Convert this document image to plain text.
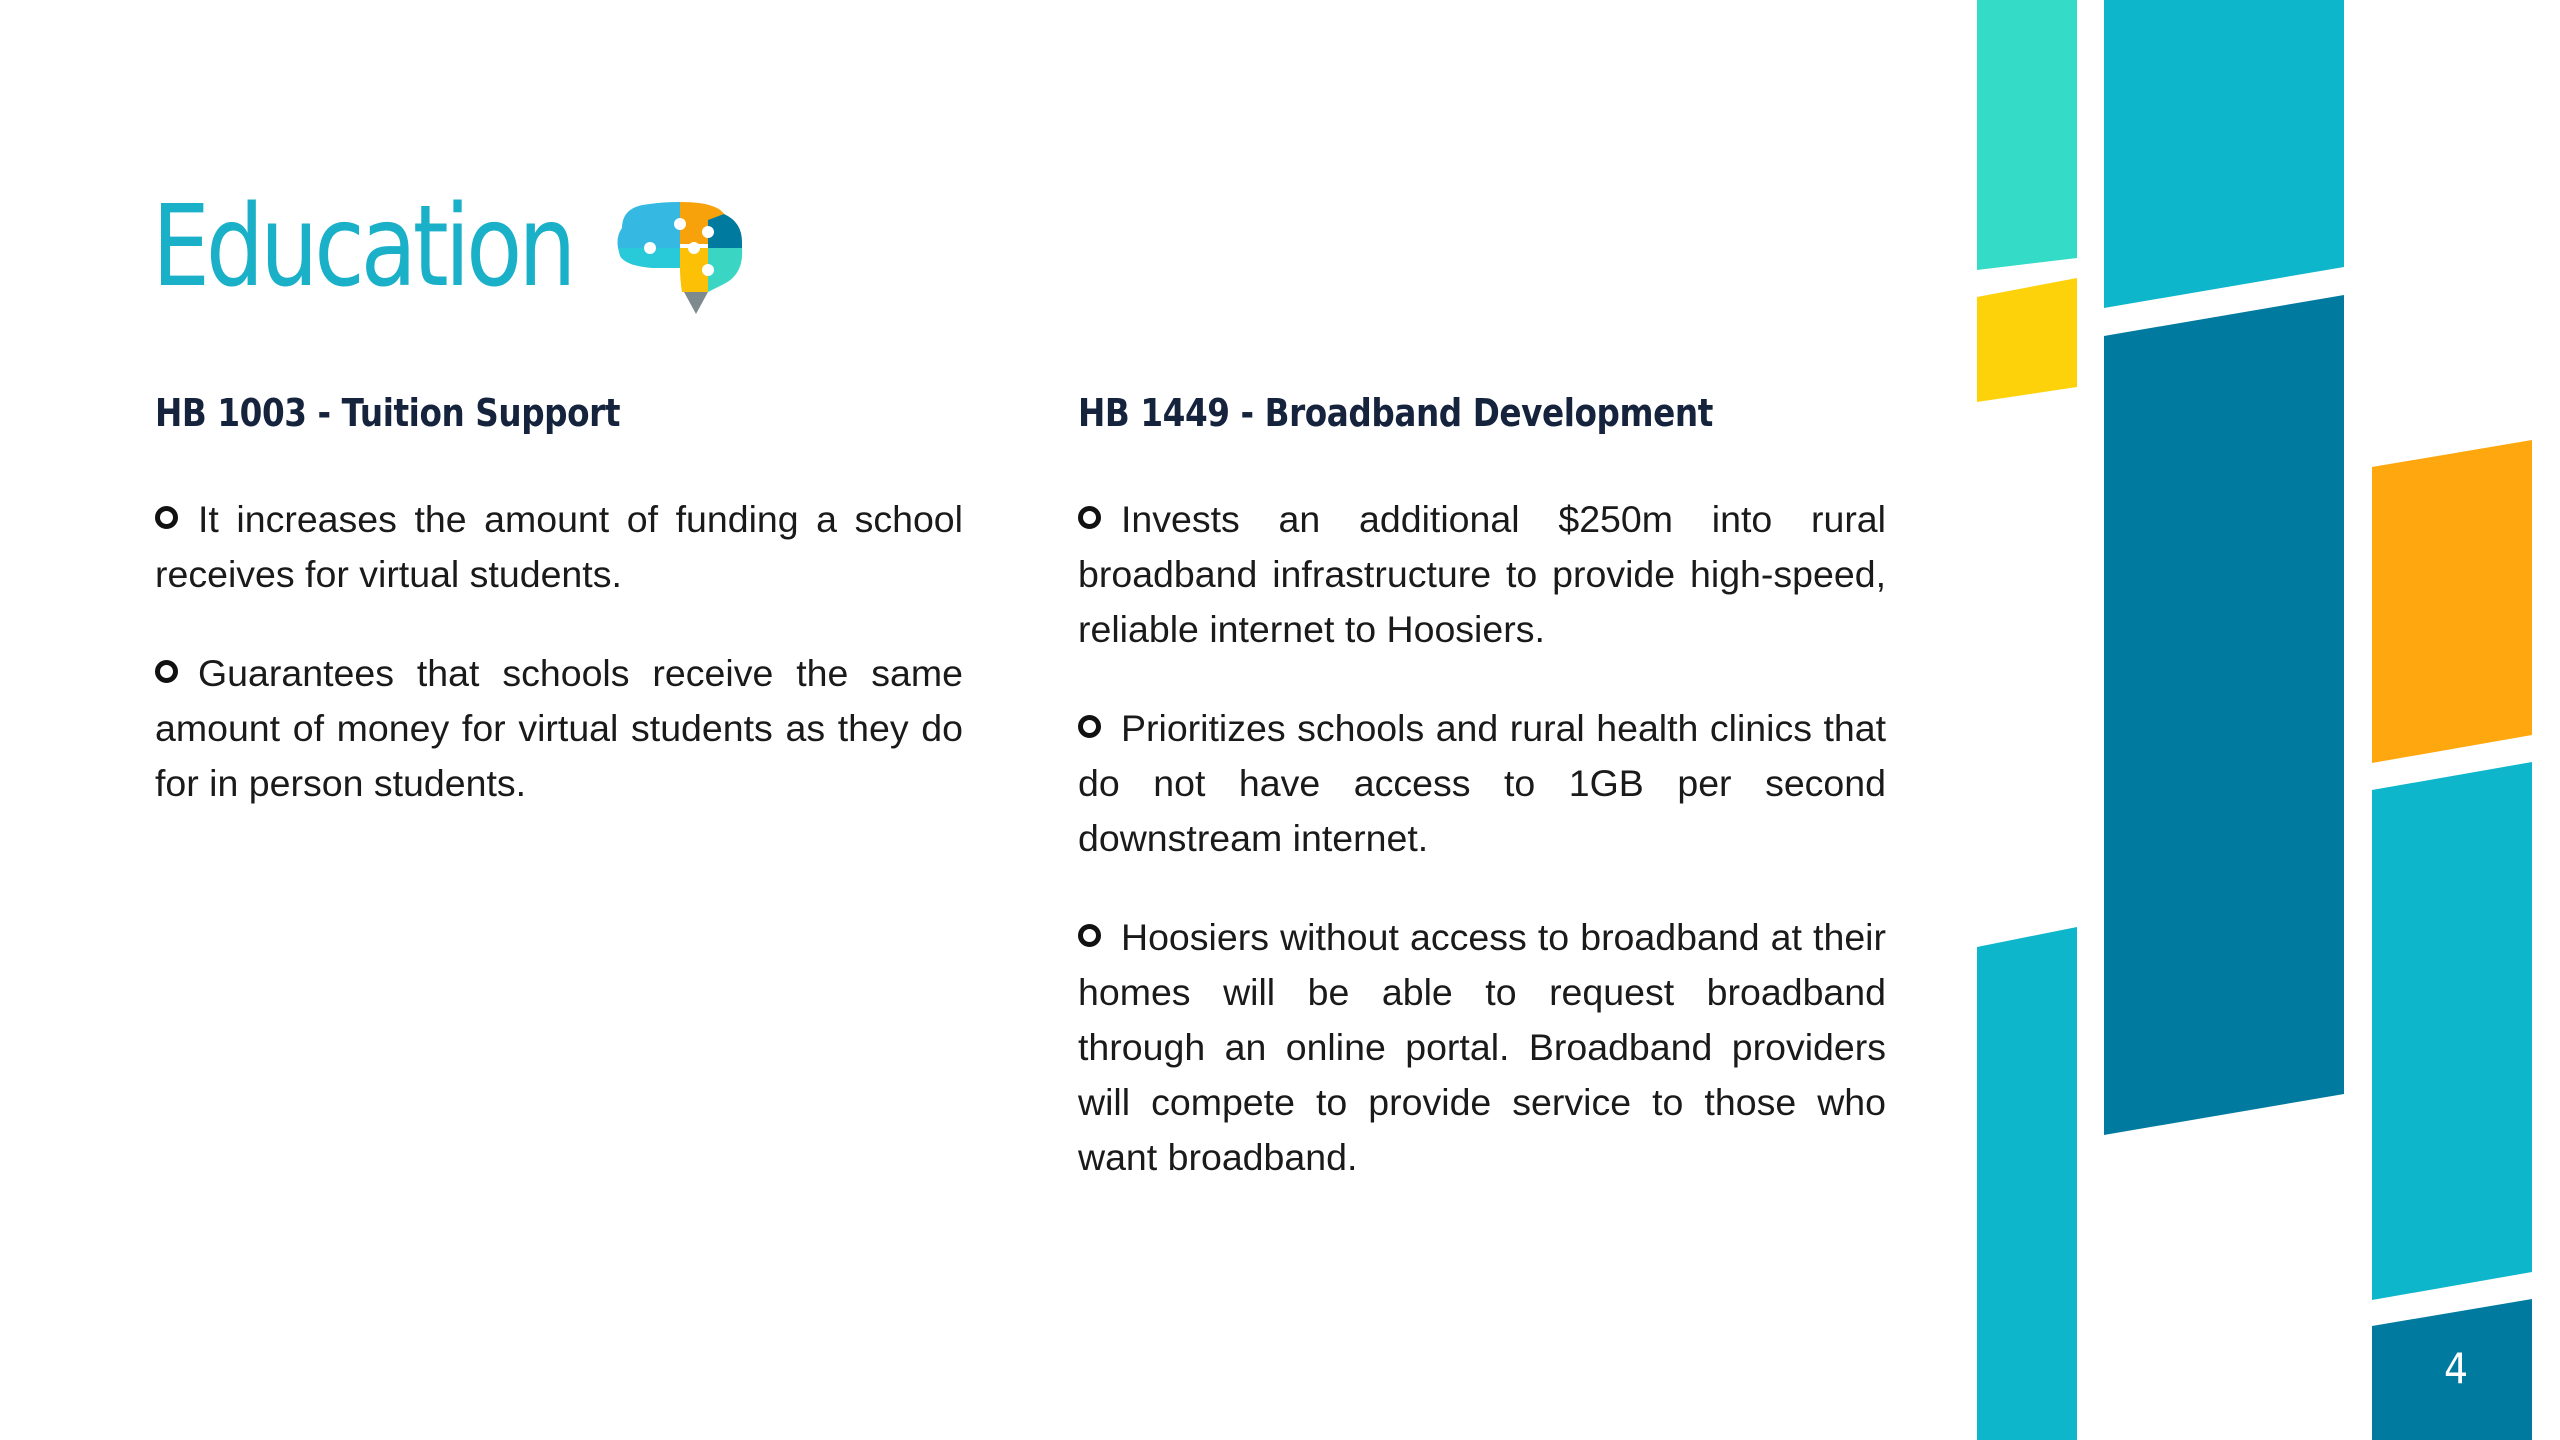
Education
HB 1003 - Tuition Support

It increases the amount of funding a school receives for virtual students.

Guarantees that schools receive the same amount of money for virtual students as they do for in person students.

HB 1449 - Broadband Development

Invests an additional $250m into rural broadband infrastructure to provide high-speed, reliable internet to Hoosiers.

Prioritizes schools and rural health clinics that do not have access to 1GB per second downstream internet.

Hoosiers without access to broadband at their homes will be able to request broadband through an online portal. Broadband providers will compete to provide service to those who want broadband.

4
